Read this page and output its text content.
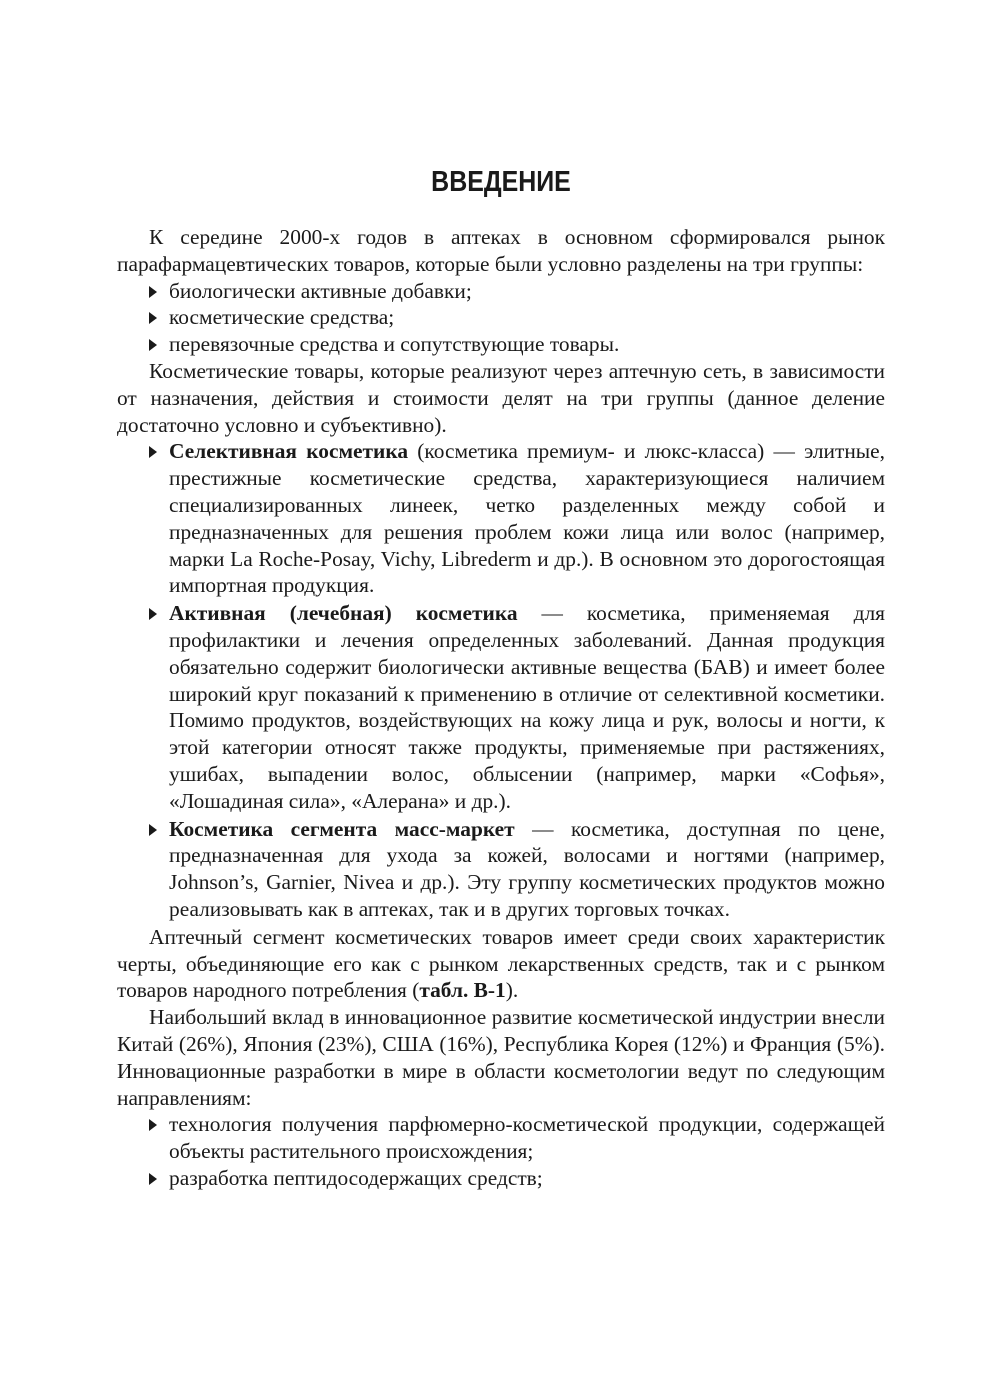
ВВЕДЕНИЕ

К середине 2000-х годов в аптеках в основном сформировался рынок парафармацевтических товаров, которые были условно разделены на три группы:

биологически активные добавки;
косметические средства;
перевязочные средства и сопутствующие товары.

Косметические товары, которые реализуют через аптечную сеть, в зависимости от назначения, действия и стоимости делят на три группы (данное деление достаточно условно и субъективно).

Селективная косметика (косметика премиум- и люкс-класса) — элитные, престижные косметические средства, характеризующиеся наличием специализированных линеек, четко разделенных между собой и предназначенных для решения проблем кожи лица или волос (например, марки La Roche-Posay, Vichy, Librederm и др.). В основном это дорогостоящая импортная продукция.
Активная (лечебная) косметика — косметика, применяемая для профилактики и лечения определенных заболеваний. Данная продукция обязательно содержит биологически активные вещества (БАВ) и имеет более широкий круг показаний к применению в отличие от селективной косметики. Помимо продуктов, воздействующих на кожу лица и рук, волосы и ногти, к этой категории относят также продукты, применяемые при растяжениях, ушибах, выпадении волос, облысении (например, марки «Софья», «Лошадиная сила», «Алерана» и др.).
Косметика сегмента масс-маркет — косметика, доступная по цене, предназначенная для ухода за кожей, волосами и ногтями (например, Johnson’s, Garnier, Nivea и др.). Эту группу косметических продуктов можно реализовывать как в аптеках, так и в других торговых точках.

Аптечный сегмент косметических товаров имеет среди своих характеристик черты, объединяющие его как с рынком лекарственных средств, так и с рынком товаров народного потребления (табл. В-1).

Наибольший вклад в инновационное развитие косметической индустрии внесли Китай (26%), Япония (23%), США (16%), Республика Корея (12%) и Франция (5%). Инновационные разработки в мире в области косметологии ведут по следующим направлениям:

технология получения парфюмерно-косметической продукции, содержащей объекты растительного происхождения;
разработка пептидосодержащих средств;
